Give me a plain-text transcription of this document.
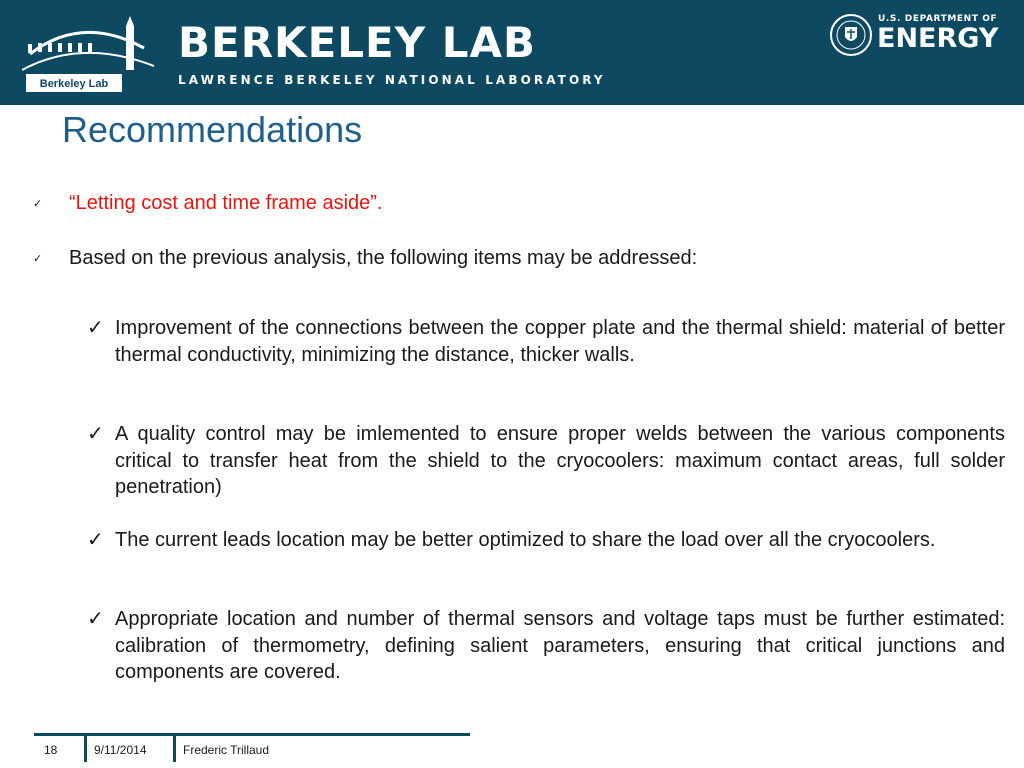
Berkeley Lab
BERKELEY LAB
LAWRENCE BERKELEY NATIONAL LABORATORY
U.S. DEPARTMENT OF
ENERGY
Recommendations
✓ “Letting cost and time frame aside”.
✓ Based on the previous analysis, the following items may be addressed:
✓ Improvement of the connections between the copper plate and the thermal shield: material of better thermal conductivity, minimizing the distance, thicker walls.
✓ A quality control may be imlemented to ensure proper welds between the various components critical to transfer heat from the shield to the cryocoolers: maximum contact areas, full solder penetration)
✓ The current leads location may be better optimized to share the load over all the cryocoolers.
✓ Appropriate location and number of thermal sensors and voltage taps must be further estimated: calibration of thermometry, defining salient parameters, ensuring that critical junctions and components are covered.
18	9/11/2014	Frederic Trillaud
